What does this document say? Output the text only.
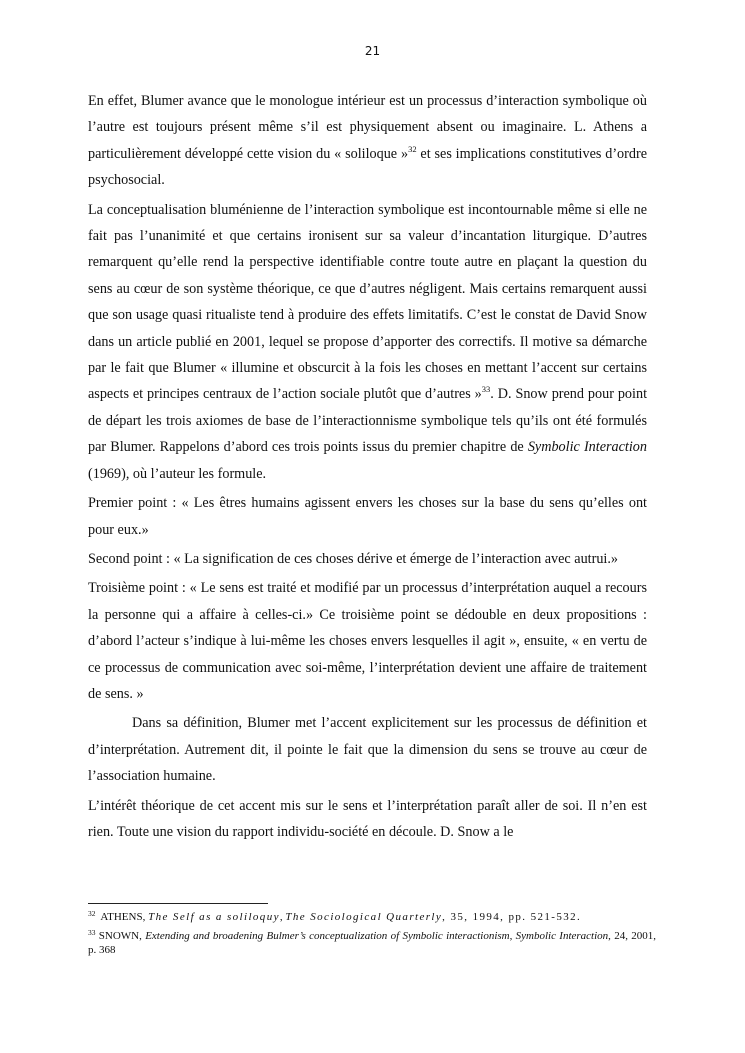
21

En effet, Blumer avance que le monologue intérieur est un processus d’interaction symbolique où l’autre est toujours présent même s’il est physiquement absent ou imaginaire. L. Athens a particulièrement développé cette vision du « soliloque »$^{32}$ et ses implications constitutives d’ordre psychosocial.

La conceptualisation bluménienne de l’interaction symbolique est incontournable même si elle ne fait pas l’unanimité et que certains ironisent sur sa valeur d’incantation liturgique. D’autres remarquent qu’elle rend la perspective identifiable contre toute autre en plaçant la question du sens au cœur de son système théorique, ce que d’autres négligent. Mais certains remarquent aussi que son usage quasi ritualiste tend à produire des effets limitatifs. C’est le constat de David Snow dans un article publié en 2001, lequel se propose d’apporter des correctifs. Il motive sa démarche par le fait que Blumer « illumine et obscurcit à la fois les choses en mettant l’accent sur certains aspects et principes centraux de l’action sociale plutôt que d’autres »$^{33}$. D. Snow prend pour point de départ les trois axiomes de base de l’interactionnisme symbolique tels qu’ils ont été formulés par Blumer. Rappelons d’abord ces trois points issus du premier chapitre de Symbolic Interaction (1969), où l’auteur les formule.

Premier point : « Les êtres humains agissent envers les choses sur la base du sens qu’elles ont pour eux.»

Second point : « La signification de ces choses dérive et émerge de l’interaction avec autrui.»

Troisième point : « Le sens est traité et modifié par un processus d’interprétation auquel a recours la personne qui a affaire à celles-ci.» Ce troisième point se dédouble en deux propositions : d’abord l’acteur s’indique à lui-même les choses envers lesquelles il agit », ensuite, « en vertu de ce processus de communication avec soi-même, l’interprétation devient une affaire de traitement de sens. »

Dans sa définition, Blumer met l’accent explicitement sur les processus de définition et d’interprétation. Autrement dit, il pointe le fait que la dimension du sens se trouve au cœur de l’association humaine.

L’intérêt théorique de cet accent mis sur le sens et l’interprétation paraît aller de soi. Il n’en est rien. Toute une vision du rapport individu-société en découle. D. Snow a le

$^{32}$ ATHENS, The Self as a soliloquy, The Sociological Quarterly, 35, 1994, pp. 521-532.

$^{33}$ SNOWN, Extending and broadening Bulmer’s conceptualization of Symbolic interactionism, Symbolic Interaction, 24, 2001, p. 368
